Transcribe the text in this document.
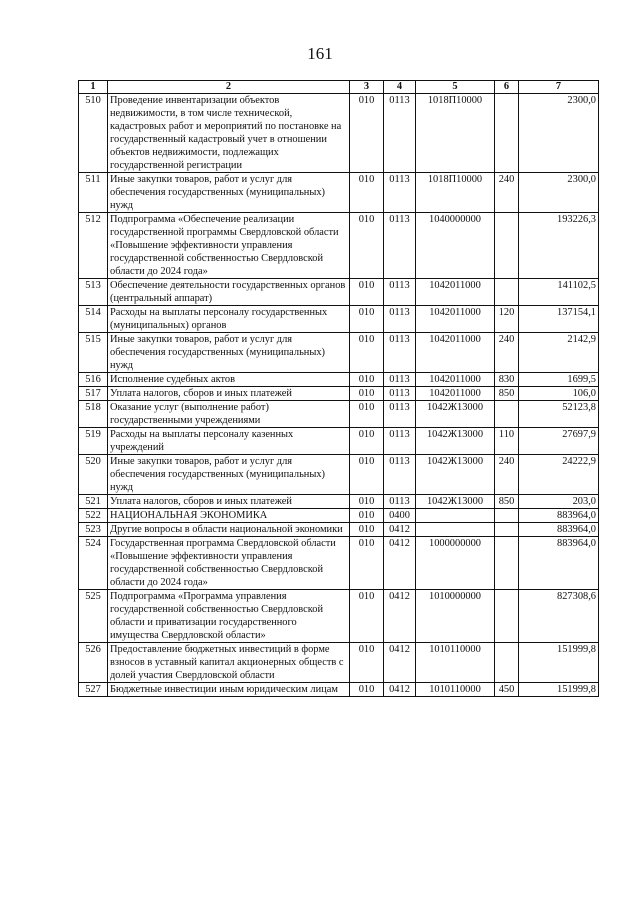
161
1	2	3	4	5	6	7
510	Проведение инвентаризации объектов недвижимости, в том числе технической, кадастровых работ и мероприятий по постановке на государственный кадастровый учет в отношении объектов недвижимости, подлежащих государственной регистрации	010	0113	1018П10000		2300,0
511	Иные закупки товаров, работ и услуг для обеспечения государственных (муниципальных) нужд	010	0113	1018П10000	240	2300,0
512	Подпрограмма «Обеспечение реализации государственной программы Свердловской области «Повышение эффективности управления государственной собственностью Свердловской области до 2024 года»	010	0113	1040000000		193226,3
513	Обеспечение деятельности государственных органов (центральный аппарат)	010	0113	1042011000		141102,5
514	Расходы на выплаты персоналу государственных (муниципальных) органов	010	0113	1042011000	120	137154,1
515	Иные закупки товаров, работ и услуг для обеспечения государственных (муниципальных) нужд	010	0113	1042011000	240	2142,9
516	Исполнение судебных актов	010	0113	1042011000	830	1699,5
517	Уплата налогов, сборов и иных платежей	010	0113	1042011000	850	106,0
518	Оказание услуг (выполнение работ) государственными учреждениями	010	0113	1042Ж13000		52123,8
519	Расходы на выплаты персоналу казенных учреждений	010	0113	1042Ж13000	110	27697,9
520	Иные закупки товаров, работ и услуг для обеспечения государственных (муниципальных) нужд	010	0113	1042Ж13000	240	24222,9
521	Уплата налогов, сборов и иных платежей	010	0113	1042Ж13000	850	203,0
522	НАЦИОНАЛЬНАЯ ЭКОНОМИКА	010	0400			883964,0
523	Другие вопросы в области национальной экономики	010	0412			883964,0
524	Государственная программа Свердловской области «Повышение эффективности управления государственной собственностью Свердловской области до 2024 года»	010	0412	1000000000		883964,0
525	Подпрограмма «Программа управления государственной собственностью Свердловской области и приватизации государственного имущества Свердловской области»	010	0412	1010000000		827308,6
526	Предоставление бюджетных инвестиций в форме взносов в уставный капитал акционерных обществ с долей участия Свердловской области	010	0412	1010110000		151999,8
527	Бюджетные инвестиции иным юридическим лицам	010	0412	1010110000	450	151999,8
